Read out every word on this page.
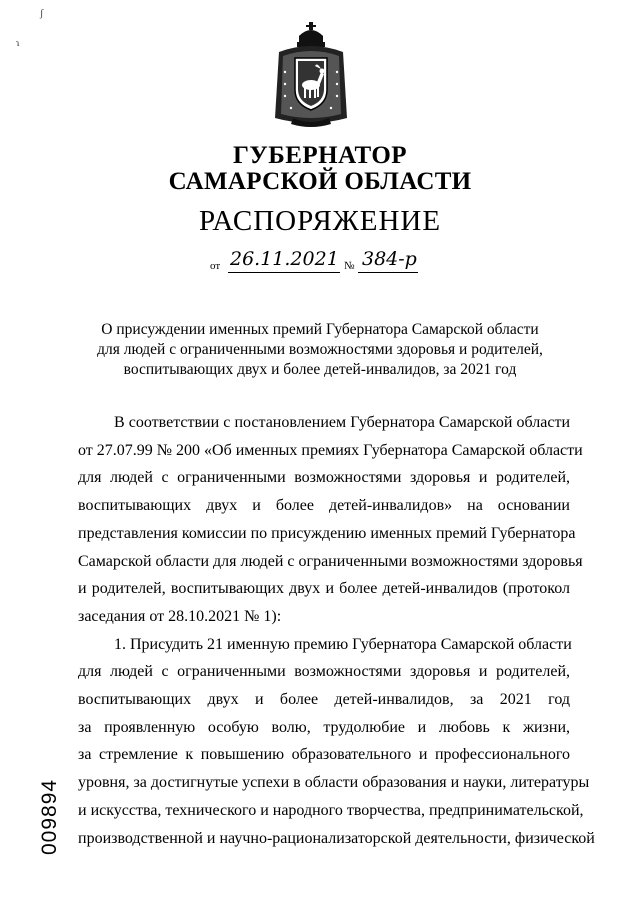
ГУБЕРНАТОР
САМАРСКОЙ ОБЛАСТИ
РАСПОРЯЖЕНИЕ
от 26.11.2021 № 384-р
О присуждении именных премий Губернатора Самарской области
для людей с ограниченными возможностями здоровья и родителей,
воспитывающих двух и более детей-инвалидов, за 2021 год
В соответствии с постановлением Губернатора Самарской области
от 27.07.99 № 200 «Об именных премиях Губернатора Самарской области
для людей с ограниченными возможностями здоровья и родителей,
воспитывающих двух и более детей-инвалидов» на основании
представления комиссии по присуждению именных премий Губернатора
Самарской области для людей с ограниченными возможностями здоровья
и родителей, воспитывающих двух и более детей-инвалидов (протокол
заседания от 28.10.2021 № 1):
1. Присудить 21 именную премию Губернатора Самарской области
для людей с ограниченными возможностями здоровья и родителей,
воспитывающих двух и более детей-инвалидов, за 2021 год
за проявленную особую волю, трудолюбие и любовь к жизни,
за стремление к повышению образовательного и профессионального
уровня, за достигнутые успехи в области образования и науки, литературы
и искусства, технического и народного творчества, предпринимательской,
производственной и научно-рационализаторской деятельности, физической
009894
ʃ
ɿ
